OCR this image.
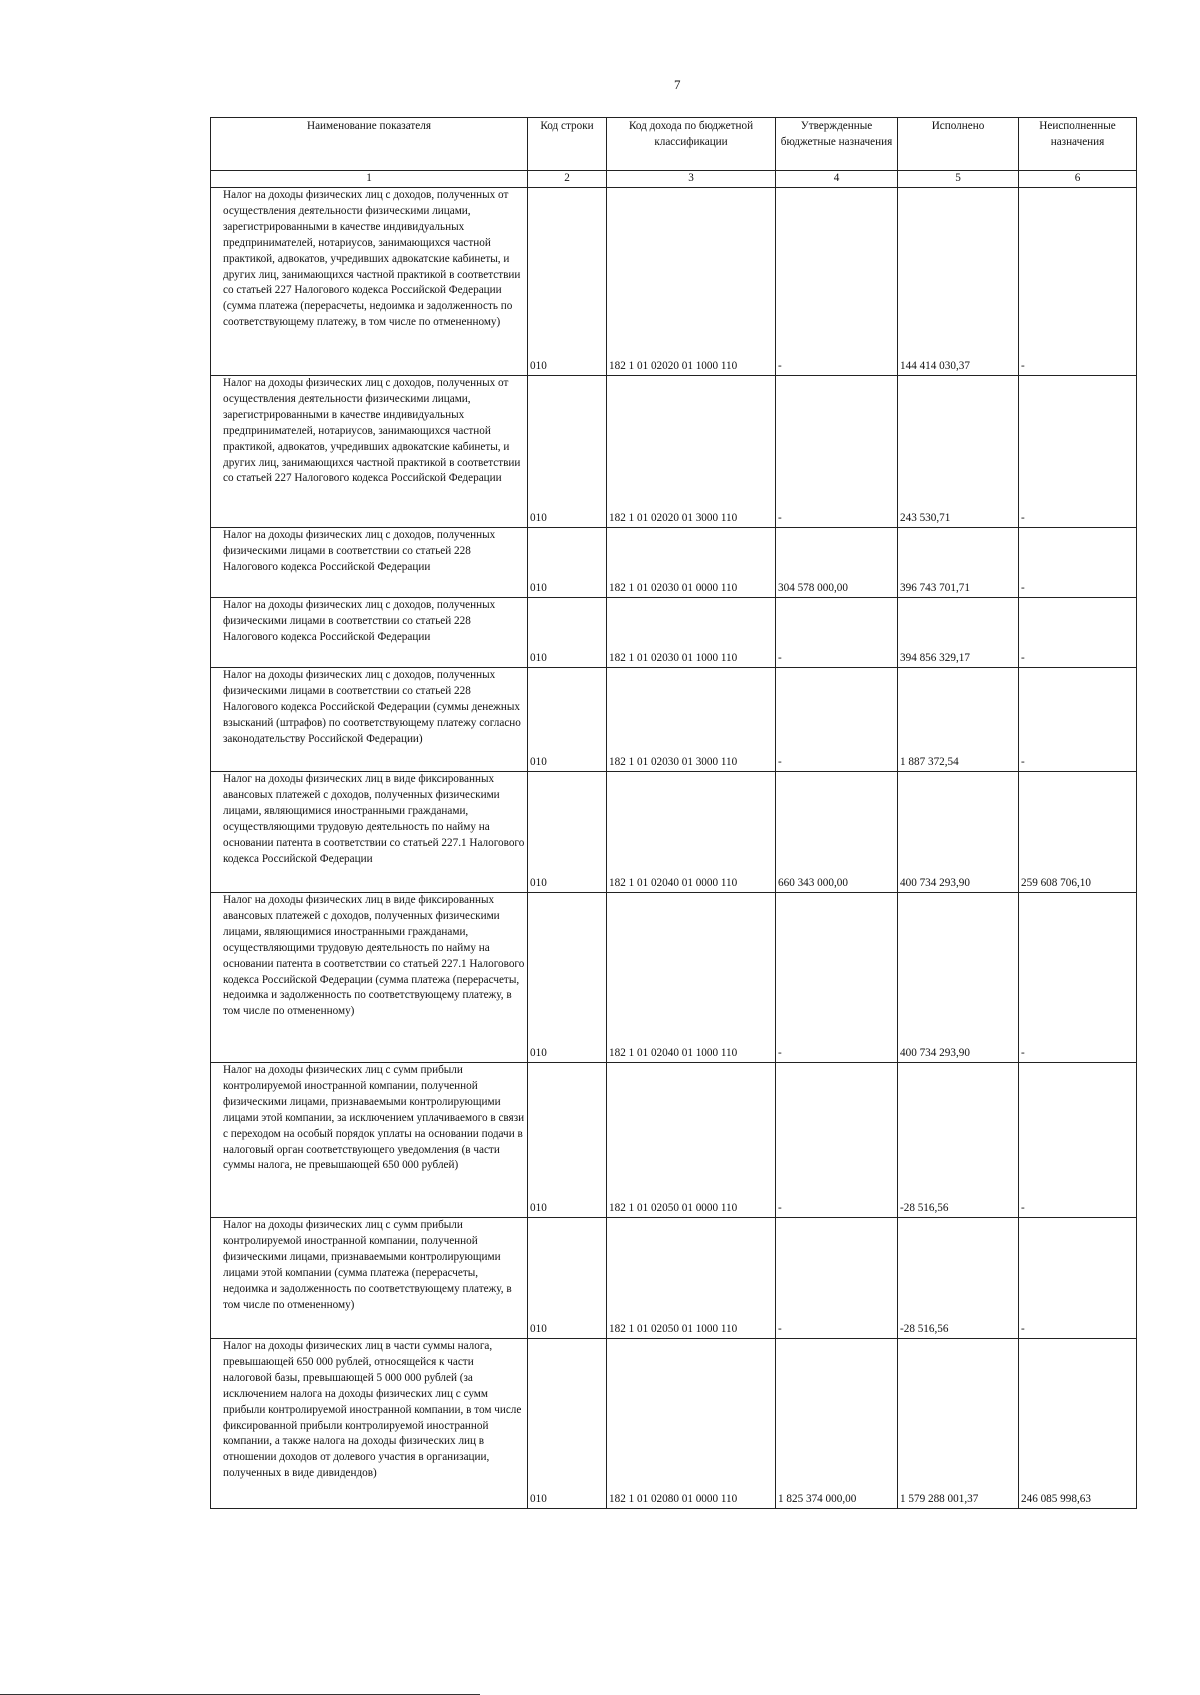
7
Наименование показателя	Код строки	Код дохода по бюджетной классификации	Утвержденные бюджетные назначения	Исполнено	Неисполненные назначения
1	2	3	4	5	6

Налог на доходы физических лиц с доходов, полученных от осуществления деятельности физическими лицами, зарегистрированными в качестве индивидуальных предпринимателей, нотариусов, занимающихся частной практикой, адвокатов, учредивших адвокатские кабинеты, и других лиц, занимающихся частной практикой в соответствии со статьей 227 Налогового кодекса Российской Федерации (сумма платежа (перерасчеты, недоимка и задолженность по соответствующему платежу, в том числе по отмененному)	010	182 1 01 02020 01 1000 110	-	144 414 030,37	-

Налог на доходы физических лиц с доходов, полученных от осуществления деятельности физическими лицами, зарегистрированными в качестве индивидуальных предпринимателей, нотариусов, занимающихся частной практикой, адвокатов, учредивших адвокатские кабинеты, и других лиц, занимающихся частной практикой в соответствии со статьей 227 Налогового кодекса Российской Федерации	010	182 1 01 02020 01 3000 110	-	243 530,71	-

Налог на доходы физических лиц с доходов, полученных физическими лицами в соответствии со статьей 228 Налогового кодекса Российской Федерации	010	182 1 01 02030 01 0000 110	304 578 000,00	396 743 701,71	-

Налог на доходы физических лиц с доходов, полученных физическими лицами в соответствии со статьей 228 Налогового кодекса Российской Федерации	010	182 1 01 02030 01 1000 110	-	394 856 329,17	-

Налог на доходы физических лиц с доходов, полученных физическими лицами в соответствии со статьей 228 Налогового кодекса Российской Федерации (суммы денежных взысканий (штрафов) по соответствующему платежу согласно законодательству Российской Федерации)	010	182 1 01 02030 01 3000 110	-	1 887 372,54	-

Налог на доходы физических лиц в виде фиксированных авансовых платежей с доходов, полученных физическими лицами, являющимися иностранными гражданами, осуществляющими трудовую деятельность по найму на основании патента в соответствии со статьей 227.1 Налогового кодекса Российской Федерации	010	182 1 01 02040 01 0000 110	660 343 000,00	400 734 293,90	259 608 706,10

Налог на доходы физических лиц в виде фиксированных авансовых платежей с доходов, полученных физическими лицами, являющимися иностранными гражданами, осуществляющими трудовую деятельность по найму на основании патента в соответствии со статьей 227.1 Налогового кодекса Российской Федерации (сумма платежа (перерасчеты, недоимка и задолженность по соответствующему платежу, в том числе по отмененному)	010	182 1 01 02040 01 1000 110	-	400 734 293,90	-

Налог на доходы физических лиц с сумм прибыли контролируемой иностранной компании, полученной физическими лицами, признаваемыми контролирующими лицами этой компании, за исключением уплачиваемого в связи с переходом на особый порядок уплаты на основании подачи в налоговый орган соответствующего уведомления (в части суммы налога, не превышающей 650 000 рублей)	010	182 1 01 02050 01 0000 110	-	-28 516,56	-

Налог на доходы физических лиц с сумм прибыли контролируемой иностранной компании, полученной физическими лицами, признаваемыми контролирующими лицами этой компании (сумма платежа (перерасчеты, недоимка и задолженность по соответствующему платежу, в том числе по отмененному)	010	182 1 01 02050 01 1000 110	-	-28 516,56	-

Налог на доходы физических лиц в части суммы налога, превышающей 650 000 рублей, относящейся к части налоговой базы, превышающей 5 000 000 рублей (за исключением налога на доходы физических лиц с сумм прибыли контролируемой иностранной компании, в том числе фиксированной прибыли контролируемой иностранной компании, а также налога на доходы физических лиц в отношении доходов от долевого участия в организации, полученных в виде дивидендов)	010	182 1 01 02080 01 0000 110	1 825 374 000,00	1 579 288 001,37	246 085 998,63
